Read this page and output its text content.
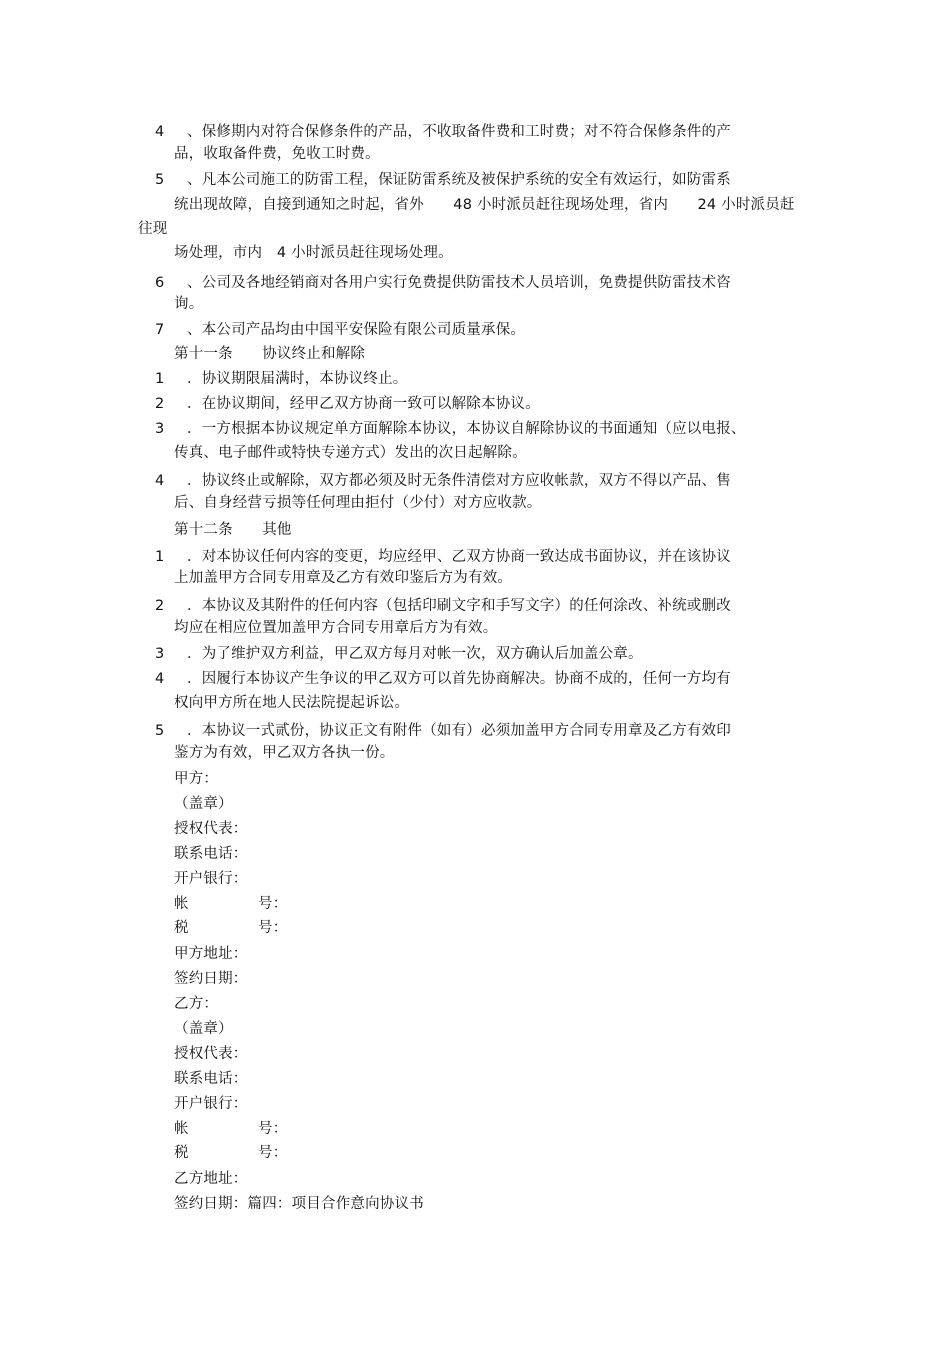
4 、保修期内对符合保修条件的产品，不收取备件费和工时费；对不符合保修条件的产
品，收取备件费，免收工时费。
5 、凡本公司施工的防雷工程，保证防雷系统及被保护系统的安全有效运行，如防雷系
统出现故障，自接到通知之时起，省外　　48 小时派员赶往现场处理，省内　　24 小时派员赶
往现
场处理，市内　4 小时派员赶往现场处理。
6 、公司及各地经销商对各用户实行免费提供防雷技术人员培训，免费提供防雷技术咨
询。
7 、本公司产品均由中国平安保险有限公司质量承保。
第十一条　　协议终止和解除
1 ．协议期限届满时，本协议终止。
2 ．在协议期间，经甲乙双方协商一致可以解除本协议。
3 ．一方根据本协议规定单方面解除本协议，本协议自解除协议的书面通知（应以电报、
传真、电子邮件或特快专递方式）发出的次日起解除。
4 ．协议终止或解除，双方都必须及时无条件清偿对方应收帐款，双方不得以产品、售
后、自身经营亏损等任何理由拒付（少付）对方应收款。
第十二条　　其他
1 ．对本协议任何内容的变更，均应经甲、乙双方协商一致达成书面协议，并在该协议
上加盖甲方合同专用章及乙方有效印鉴后方为有效。
2 ．本协议及其附件的任何内容（包括印刷文字和手写文字）的任何涂改、补统或删改
均应在相应位置加盖甲方合同专用章后方为有效。
3 ．为了维护双方利益，甲乙双方每月对帐一次，双方确认后加盖公章。
4 ．因履行本协议产生争议的甲乙双方可以首先协商解决。协商不成的，任何一方均有
权向甲方所在地人民法院提起诉讼。
5 ．本协议一式贰份，协议正文有附件（如有）必须加盖甲方合同专用章及乙方有效印
鉴方为有效，甲乙双方各执一份。
甲方：
（盖章）
授权代表：
联系电话：
开户银行：
帐	号：
税	号：
甲方地址：
签约日期：
乙方：
（盖章）
授权代表：
联系电话：
开户银行：
帐	号：
税	号：
乙方地址：
签约日期：篇四：项目合作意向协议书
